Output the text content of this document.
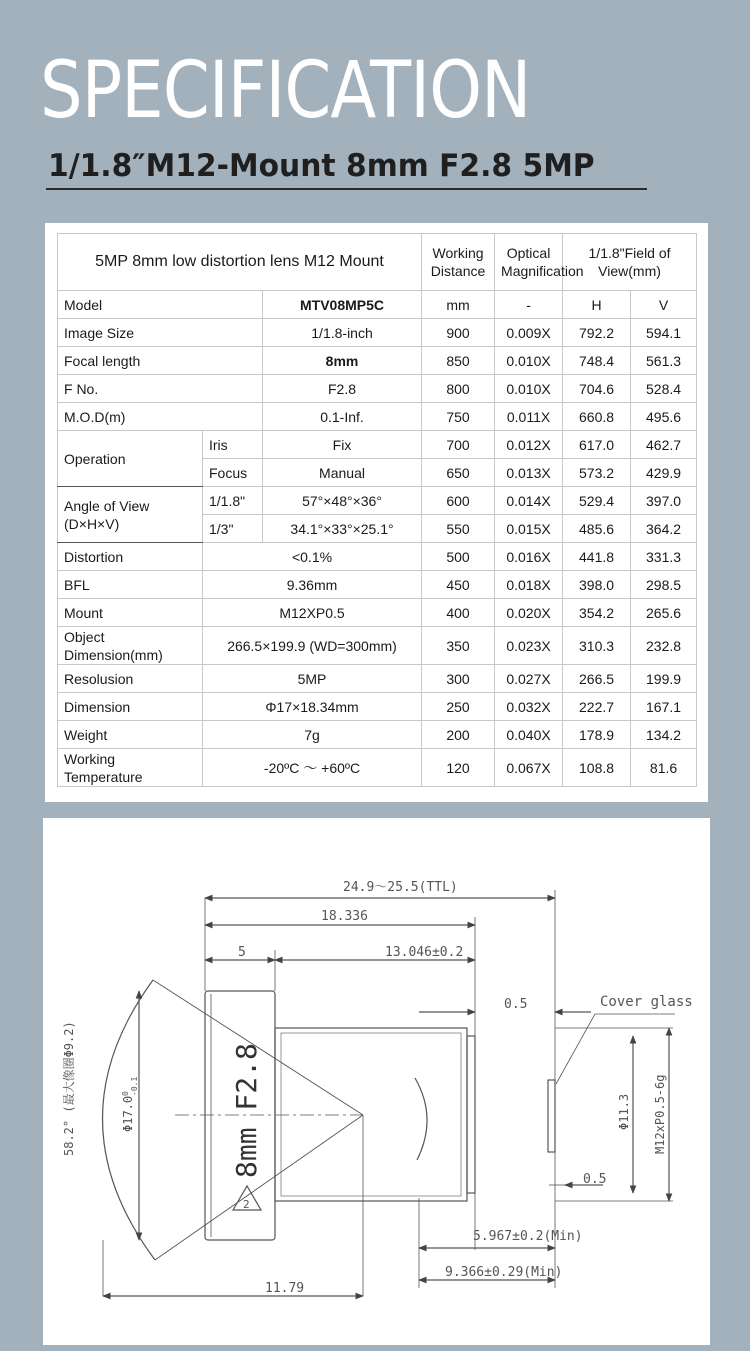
SPECIFICATION
1/1.8″M12-Mount 8mm F2.8 5MP
5MP 8mm low distortion lens M12 Mount			Working Distance	Optical Magnification	1/1.8"Field of View(mm)	
Model		MTV08MP5C	mm	-	H	V
Image Size		1/1.8-inch	900	0.009X	792.2	594.1
Focal length		8mm	850	0.010X	748.4	561.3
F No.		F2.8	800	0.010X	704.6	528.4
M.O.D(m)		0.1-Inf.	750	0.011X	660.8	495.6
Operation	Iris	Fix	700	0.012X	617.0	462.7
	Focus	Manual	650	0.013X	573.2	429.9
Angle of View (D×H×V)	1/1.8"	57°×48°×36°	600	0.014X	529.4	397.0
	1/3"	34.1°×33°×25.1°	550	0.015X	485.6	364.2
Distortion	<0.1%		500	0.016X	441.8	331.3
BFL	9.36mm		450	0.018X	398.0	298.5
Mount	M12XP0.5		400	0.020X	354.2	265.6
Object Dimension(mm)	266.5×199.9 (WD=300mm)		350	0.023X	310.3	232.8
Resolusion	5MP		300	0.027X	266.5	199.9
Dimension	Φ17×18.34mm		250	0.032X	222.7	167.1
Weight	7g		200	0.040X	178.9	134.2
Working Temperature	-20ºC ～ +60ºC		120	0.067X	108.8	81.6
24.9～25.5(TTL)
18.336
5	13.046±0.2
0.5	Cover glass
0.5
5.967±0.2(Min)
9.366±0.29(Min)
11.79
58.2° (最大像圈Φ9.2)	Φ17.0
0 -0.1
Φ11.3 M12xP0.5-6g
8mm F2.8
2
